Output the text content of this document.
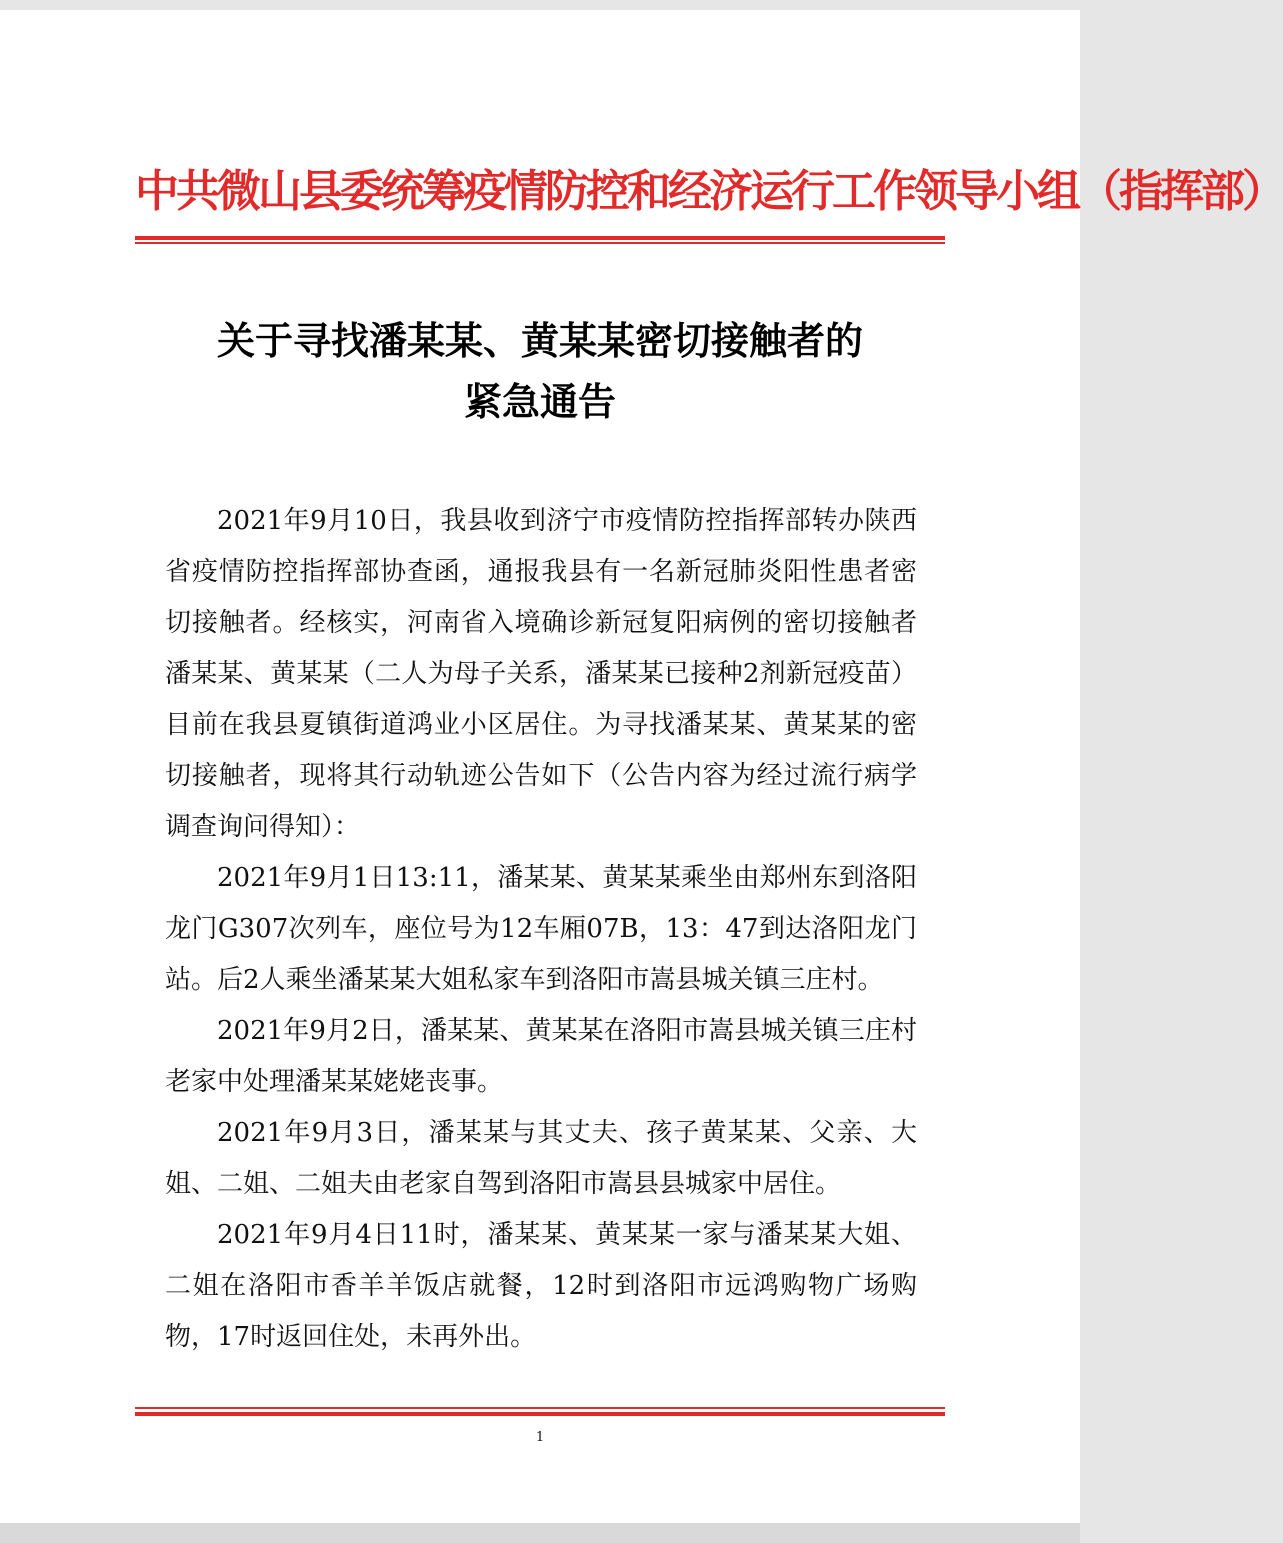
中共微山县委统筹疫情防控和经济运行工作领导小组（指挥部）
关于寻找潘某某、黄某某密切接触者的
紧急通告

2021年9月10日，我县收到济宁市疫情防控指挥部转办陕西省疫情防控指挥部协查函，通报我县有一名新冠肺炎阳性患者密切接触者。经核实，河南省入境确诊新冠复阳病例的密切接触者潘某某、黄某某（二人为母子关系，潘某某已接种2剂新冠疫苗）目前在我县夏镇街道鸿业小区居住。为寻找潘某某、黄某某的密切接触者，现将其行动轨迹公告如下（公告内容为经过流行病学调查询问得知）：

2021年9月1日13:11，潘某某、黄某某乘坐由郑州东到洛阳龙门G307次列车，座位号为12车厢07B，13：47到达洛阳龙门站。后2人乘坐潘某某大姐私家车到洛阳市嵩县城关镇三庄村。

2021年9月2日，潘某某、黄某某在洛阳市嵩县城关镇三庄村老家中处理潘某某姥姥丧事。

2021年9月3日，潘某某与其丈夫、孩子黄某某、父亲、大姐、二姐、二姐夫由老家自驾到洛阳市嵩县县城家中居住。

2021年9月4日11时，潘某某、黄某某一家与潘某某大姐、二姐在洛阳市香羊羊饭店就餐，12时到洛阳市远鸿购物广场购物，17时返回住处，未再外出。

1
